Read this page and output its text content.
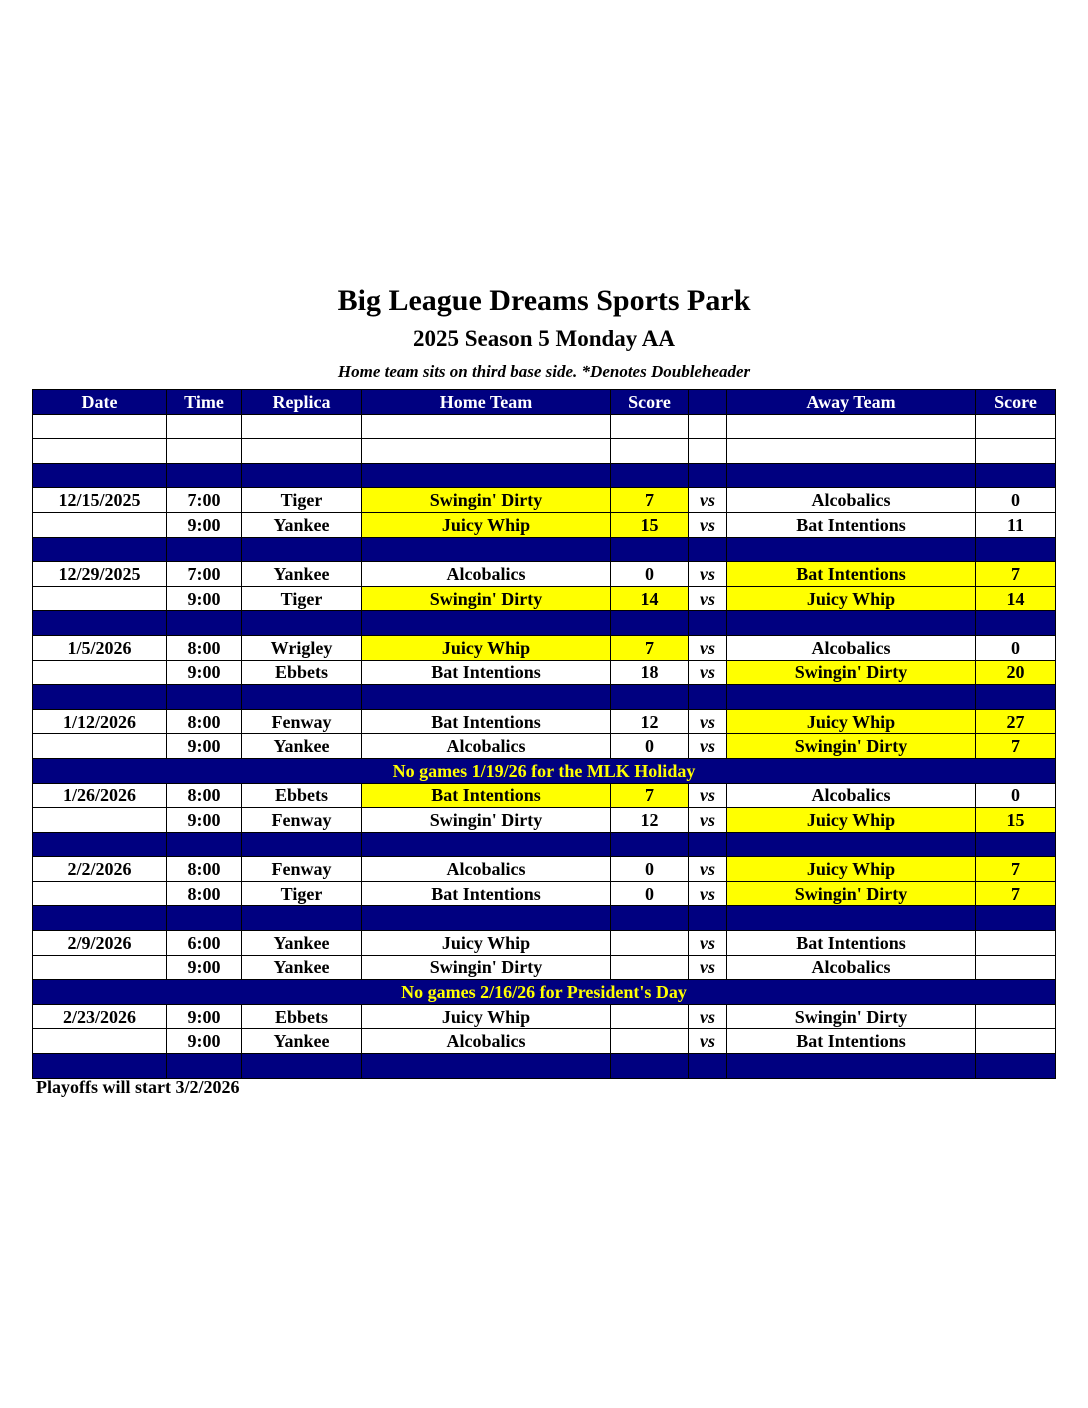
Big League Dreams Sports Park
2025 Season 5 Monday AA
Home team sits on third base side. *Denotes Doubleheader
Date	Time	Replica	Home Team	Score		Away Team	Score

12/15/2025	7:00	Tiger	Swingin' Dirty	7	vs	Alcobalics	0
	9:00	Yankee	Juicy Whip	15	vs	Bat Intentions	11

12/29/2025	7:00	Yankee	Alcobalics	0	vs	Bat Intentions	7
	9:00	Tiger	Swingin' Dirty	14	vs	Juicy Whip	14

1/5/2026	8:00	Wrigley	Juicy Whip	7	vs	Alcobalics	0
	9:00	Ebbets	Bat Intentions	18	vs	Swingin' Dirty	20

1/12/2026	8:00	Fenway	Bat Intentions	12	vs	Juicy Whip	27
	9:00	Yankee	Alcobalics	0	vs	Swingin' Dirty	7
No games 1/19/26 for the MLK Holiday							
1/26/2026	8:00	Ebbets	Bat Intentions	7	vs	Alcobalics	0
	9:00	Fenway	Swingin' Dirty	12	vs	Juicy Whip	15

2/2/2026	8:00	Fenway	Alcobalics	0	vs	Juicy Whip	7
	8:00	Tiger	Bat Intentions	0	vs	Swingin' Dirty	7

2/9/2026	6:00	Yankee	Juicy Whip		vs	Bat Intentions	
	9:00	Yankee	Swingin' Dirty		vs	Alcobalics	
No games 2/16/26 for President's Day							
2/23/2026	9:00	Ebbets	Juicy Whip		vs	Swingin' Dirty	
	9:00	Yankee	Alcobalics		vs	Bat Intentions	

Playoffs will start 3/2/2026
